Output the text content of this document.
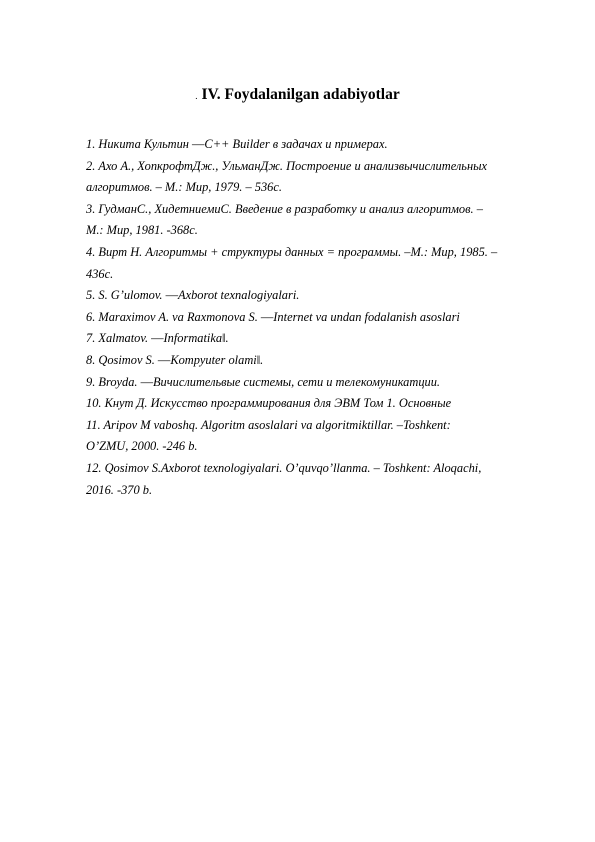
. IV. Foydalanilgan adabiyotlar
1. Никита Культин ―C++ Builder в задачах и примерах.
2. Ахо А., ХопкрофтДж., УльманДж. Построение и анализвычислительных
алгоритмов. – М.: Мир, 1979. – 536с.
3. ГудманС., ХидетниемиС. Введение в разработку и анализ алгоритмов. –
М.: Мир, 1981. -368с.
4. Вирт Н. Алгоритмы + структуры данных = программы. –М.: Мир, 1985. –
436с.
5. S. G’ulomov. ―Axborot texnalogiyalari.
6. Maraximov A. va Raxmonova S. ―Internet va undan fodalanish asoslari
7. Xalmatov. ―Informatika‖.
8. Qosimov S. ―Kompyuter olami‖.
9. Broyda. ―Вичислительвые системы, сети и телекомуникатции.
10. Кнут Д. Искусство программирования для ЭВМ Том 1. Основные
11. Aripov M vaboshq. Algoritm asoslalari va algoritmiktillar. –Toshkent:
O’ZMU, 2000. -246 b.
12. Qosimov S.Axborot texnologiyalari. O’quvqo’llanma. – Toshkent: Aloqachi,
2016. -370 b.
